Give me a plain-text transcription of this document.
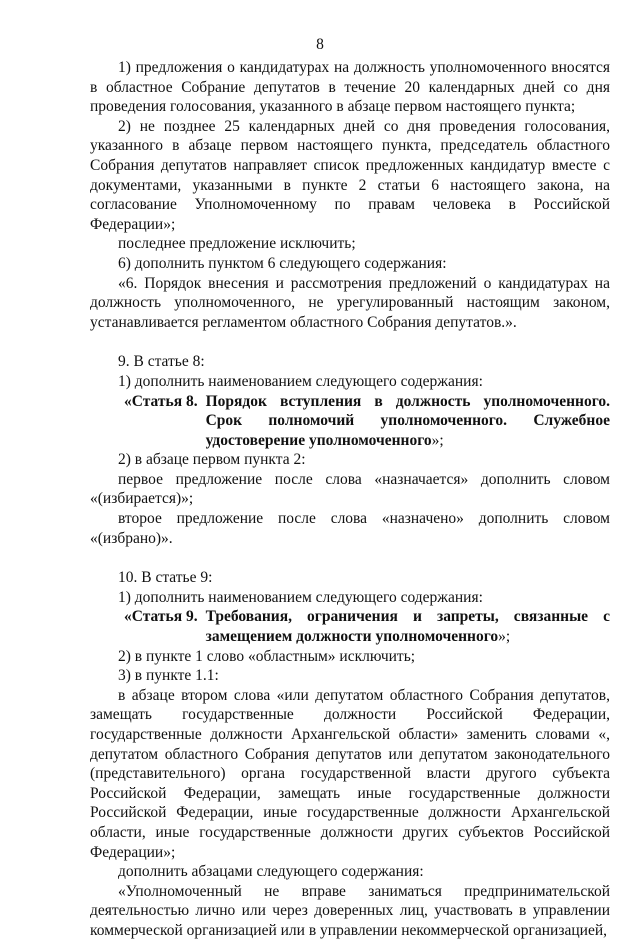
8

1) предложения о кандидатурах на должность уполномоченного вносятся в областное Собрание депутатов в течение 20 календарных дней со дня проведения голосования, указанного в абзаце первом настоящего пункта;

2) не позднее 25 календарных дней со дня проведения голосования, указанного в абзаце первом настоящего пункта, председатель областного Собрания депутатов направляет список предложенных кандидатур вместе с документами, указанными в пункте 2 статьи 6 настоящего закона, на согласование Уполномоченному по правам человека в Российской Федерации»;

последнее предложение исключить;

6) дополнить пунктом 6 следующего содержания:

«6. Порядок внесения и рассмотрения предложений о кандидатурах на должность уполномоченного, не урегулированный настоящим законом, устанавливается регламентом областного Собрания депутатов.».

9. В статье 8:

1) дополнить наименованием следующего содержания:

«Статья 8. Порядок вступления в должность уполномоченного. Срок полномочий уполномоченного. Служебное удостоверение уполномоченного»;

2) в абзаце первом пункта 2:

первое предложение после слова «назначается» дополнить словом «(избирается)»;

второе предложение после слова «назначено» дополнить словом «(избрано)».

10. В статье 9:

1) дополнить наименованием следующего содержания:

«Статья 9. Требования, ограничения и запреты, связанные с замещением должности уполномоченного»;

2) в пункте 1 слово «областным» исключить;

3) в пункте 1.1:

в абзаце втором слова «или депутатом областного Собрания депутатов, замещать государственные должности Российской Федерации, государственные должности Архангельской области» заменить словами «, депутатом областного Собрания депутатов или депутатом законодательного (представительного) органа государственной власти другого субъекта Российской Федерации, замещать иные государственные должности Российской Федерации, иные государственные должности Архангельской области, иные государственные должности других субъектов Российской Федерации»;

дополнить абзацами следующего содержания:

«Уполномоченный не вправе заниматься предпринимательской деятельностью лично или через доверенных лиц, участвовать в управлении коммерческой организацией или в управлении некоммерческой организацией,
